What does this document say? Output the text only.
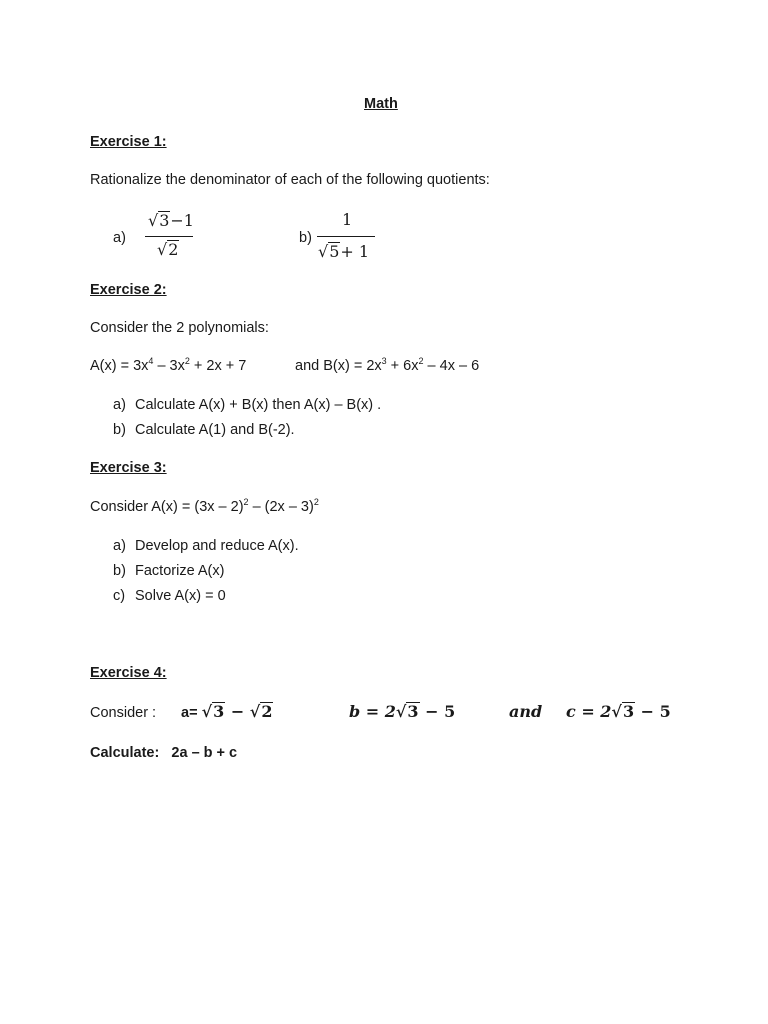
Math
Exercise 1:
Rationalize the denominator of each of the following quotients:
a)
√3−1
√2
b)
1
√5+ 1
Exercise 2:
Consider the 2 polynomials:
$A(x) = 3x^4 - 3x^2 + 2x + 7$	and $B(x) = 2x^3 + 6x^2 - 4x - 6$
a) Calculate A(x) + B(x) then A(x) – B(x) .
b) Calculate A(1) and B(-2).
Exercise 3:
Consider A(x) = (3x – 2)$^2$ – (2x – 3)$^2$
a) Develop and reduce A(x).
b) Factorize A(x)
c) Solve A(x) = 0
Exercise 4:
Consider : a= √3 − √2	b = 2√3 − 5	and c = 2√3 − 5
Calculate: 2a – b + c
